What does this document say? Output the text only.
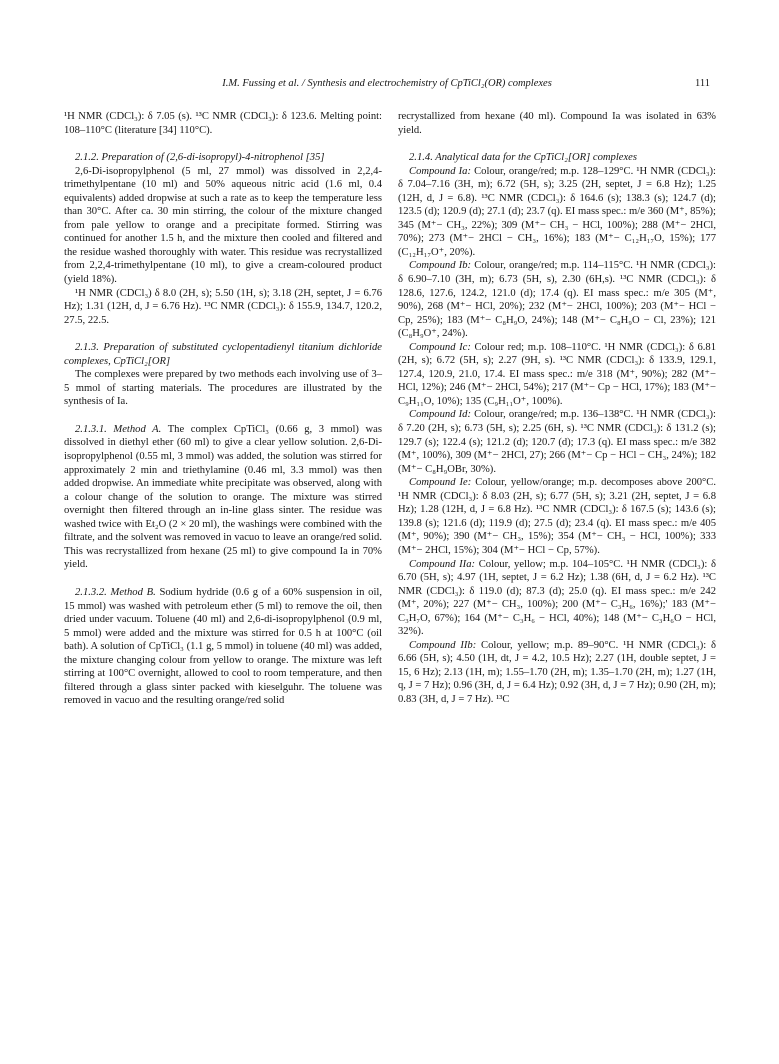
I.M. Fussing et al. / Synthesis and electrochemistry of CpTiCl₂(OR) complexes	111

¹H NMR (CDCl₃): δ 7.05 (s). ¹³C NMR (CDCl₃): δ 123.6. Melting point: 108–110°C (literature [34] 110°C).

2.1.2. Preparation of (2,6-di-isopropyl)-4-nitrophenol [35]

2,6-Di-isopropylphenol (5 ml, 27 mmol) was dissolved in 2,2,4-trimethylpentane (10 ml) and 50% aqueous nitric acid (1.6 ml, 0.4 equivalents) added dropwise at such a rate as to keep the temperature less than 30°C. After ca. 30 min stirring, the colour of the mixture changed from pale yellow to orange and a precipitate formed. Stirring was continued for another 1.5 h, and the mixture then cooled and filtered and the residue washed thoroughly with water. This residue was recrystallized from 2,2,4-trimethylpentane (10 ml), to give a cream-coloured product (yield 18%).

¹H NMR (CDCl₃) δ 8.0 (2H, s); 5.50 (1H, s); 3.18 (2H, septet, J = 6.76 Hz); 1.31 (12H, d, J = 6.76 Hz). ¹³C NMR (CDCl₃): δ 155.9, 134.7, 120.2, 27.5, 22.5.

2.1.3. Preparation of substituted cyclopentadienyl titanium dichloride complexes, CpTiCl₂[OR]

The complexes were prepared by two methods each involving use of 3–5 mmol of starting materials. The procedures are illustrated by the synthesis of Ia.

2.1.3.1. Method A. The complex CpTiCl₃ (0.66 g, 3 mmol) was dissolved in diethyl ether (60 ml) to give a clear yellow solution. 2,6-Di-isopropylphenol (0.55 ml, 3 mmol) was added, the solution was stirred for approximately 2 min and triethylamine (0.46 ml, 3.3 mmol) was then added dropwise. An immediate white precipitate was observed, along with a colour change of the solution to orange. The mixture was stirred overnight then filtered through an in-line glass sinter. The residue was washed twice with Et₂O (2 × 20 ml), the washings were combined with the filtrate, and the solvent was removed in vacuo to leave an orange/red solid. This was recrystallized from hexane (25 ml) to give compound Ia in 70% yield.

2.1.3.2. Method B. Sodium hydride (0.6 g of a 60% suspension in oil, 15 mmol) was washed with petroleum ether (5 ml) to remove the oil, then dried under vacuum. Toluene (40 ml) and 2,6-di-isopropylphenol (0.9 ml, 5 mmol) were added and the mixture was stirred for 0.5 h at 100°C (oil bath). A solution of CpTiCl₃ (1.1 g, 5 mmol) in toluene (40 ml) was added, the mixture changing colour from yellow to orange. The mixture was left stirring at 100°C overnight, allowed to cool to room temperature, and then filtered through a glass sinter packed with kieselguhr. The toluene was removed in vacuo and the resulting orange/red solid

recrystallized from hexane (40 ml). Compound Ia was isolated in 63% yield.

2.1.4. Analytical data for the CpTiCl₂[OR] complexes

Compound Ia: Colour, orange/red; m.p. 128–129°C. ¹H NMR (CDCl₃): δ 7.04–7.16 (3H, m); 6.72 (5H, s); 3.25 (2H, septet, J = 6.8 Hz); 1.25 (12H, d, J = 6.8). ¹³C NMR (CDCl₃): δ 164.6 (s); 138.3 (s); 124.7 (d); 123.5 (d); 120.9 (d); 27.1 (d); 23.7 (q). EI mass spec.: m/e 360 (M⁺, 85%); 345 (M⁺− CH₃, 22%); 309 (M⁺− CH₃ − HCl, 100%); 288 (M⁺− 2HCl, 70%); 273 (M⁺− 2HCl − CH₃, 16%); 183 (M⁺− C₁₂H₁₇O, 15%); 177 (C₁₂H₁₇O⁺, 20%).

Compound Ib: Colour, orange/red; m.p. 114–115°C. ¹H NMR (CDCl₃): δ 6.90–7.10 (3H, m); 6.73 (5H, s), 2.30 (6H,s). ¹³C NMR (CDCl₃): δ 128.6, 127.6, 124.2, 121.0 (d); 17.4 (q). EI mass spec.: m/e 305 (M⁺, 90%), 268 (M⁺− HCl, 20%); 232 (M⁺− 2HCl, 100%); 203 (M⁺− HCl − Cp, 25%); 183 (M⁺− C₈H₉O, 24%); 148 (M⁺− C₈H₉O − Cl, 23%); 121 (C₈H₉O⁺, 24%).

Compound Ic: Colour red; m.p. 108–110°C. ¹H NMR (CDCl₃): δ 6.81 (2H, s); 6.72 (5H, s); 2.27 (9H, s). ¹³C NMR (CDCl₃): δ 133.9, 129.1, 127.4, 120.9, 21.0, 17.4. EI mass spec.: m/e 318 (M⁺, 90%); 282 (M⁺− HCl, 12%); 246 (M⁺− 2HCl, 54%); 217 (M⁺− Cp − HCl, 17%); 183 (M⁺− C₉H₁₁O, 10%); 135 (C₉H₁₁O⁺, 100%).

Compound Id: Colour, orange/red; m.p. 136–138°C. ¹H NMR (CDCl₃): δ 7.20 (2H, s); 6.73 (5H, s); 2.25 (6H, s). ¹³C NMR (CDCl₃): δ 131.2 (s); 129.7 (s); 122.4 (s); 121.2 (d); 120.7 (d); 17.3 (q). EI mass spec.: m/e 382 (M⁺, 100%), 309 (M⁺− 2HCl, 27); 266 (M⁺− Cp − HCl − CH₃, 24%); 182 (M⁺− C₈H₉OBr, 30%).

Compound Ie: Colour, yellow/orange; m.p. decomposes above 200°C. ¹H NMR (CDCl₃): δ 8.03 (2H, s); 6.77 (5H, s); 3.21 (2H, septet, J = 6.8 Hz); 1.28 (12H, d, J = 6.8 Hz). ¹³C NMR (CDCl₃): δ 167.5 (s); 143.6 (s); 139.8 (s); 121.6 (d); 119.9 (d); 27.5 (d); 23.4 (q). EI mass spec.: m/e 405 (M⁺, 90%); 390 (M⁺− CH₃, 15%); 354 (M⁺− CH₃ − HCl, 100%); 333 (M⁺− 2HCl, 15%); 304 (M⁺− HCl − Cp, 57%).

Compound IIa: Colour, yellow; m.p. 104–105°C. ¹H NMR (CDCl₃): δ 6.70 (5H, s); 4.97 (1H, septet, J = 6.2 Hz); 1.38 (6H, d, J = 6.2 Hz). ¹³C NMR (CDCl₃): δ 119.0 (d); 87.3 (d); 25.0 (q). EI mass spec.: m/e 242 (M⁺, 20%); 227 (M⁺− CH₃, 100%); 200 (M⁺− C₃H₆, 16%);' 183 (M⁺− C₃H₇O, 67%); 164 (M⁺− C₃H₆ − HCl, 40%); 148 (M⁺− C₃H₆O − HCl, 32%).

Compound IIb: Colour, yellow; m.p. 89–90°C. ¹H NMR (CDCl₃): δ 6.66 (5H, s); 4.50 (1H, dt, J = 4.2, 10.5 Hz); 2.27 (1H, double septet, J = 15, 6 Hz); 2.13 (1H, m); 1.55–1.70 (2H, m); 1.35–1.70 (2H, m); 1.27 (1H, q, J = 7 Hz); 0.96 (3H, d, J = 6.4 Hz); 0.92 (3H, d, J = 7 Hz); 0.90 (2H, m); 0.83 (3H, d, J = 7 Hz). ¹³C
